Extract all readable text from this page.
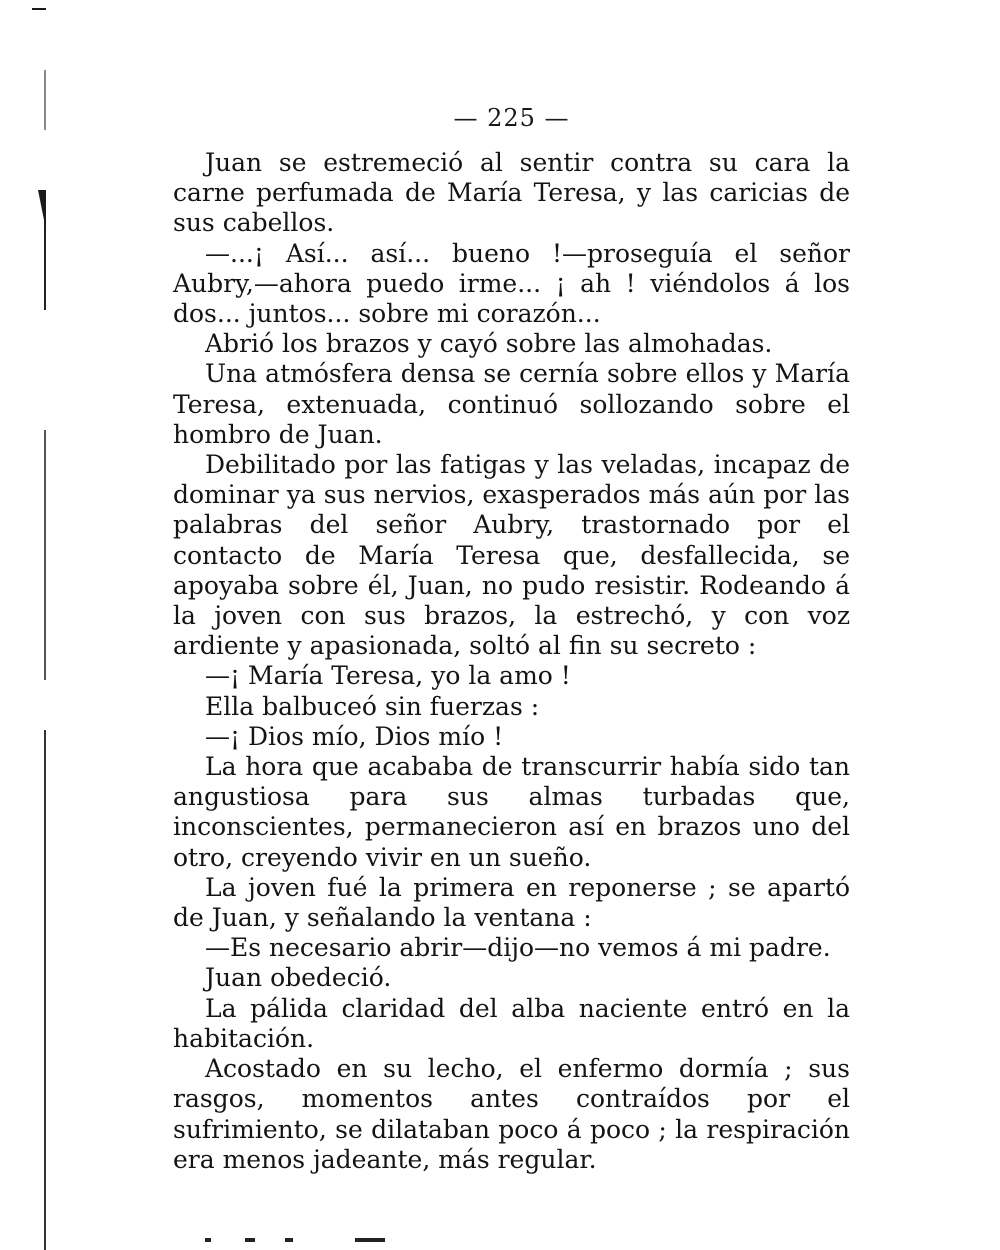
— 225 —

Juan se estremeció al sentir contra su cara la carne perfumada de María Teresa, y las caricias de sus cabellos.

—...¡ Así... así... bueno !—proseguía el señor Aubry,—ahora puedo irme... ¡ ah ! viéndolos á los dos... juntos... sobre mi corazón...

Abrió los brazos y cayó sobre las almohadas.

Una atmósfera densa se cernía sobre ellos y María Teresa, extenuada, continuó sollozando sobre el hombro de Juan.

Debilitado por las fatigas y las veladas, incapaz de dominar ya sus nervios, exasperados más aún por las palabras del señor Aubry, trastornado por el contacto de María Teresa que, desfallecida, se apoyaba sobre él, Juan, no pudo resistir. Rodeando á la joven con sus brazos, la estrechó, y con voz ardiente y apasionada, soltó al fin su secreto :

—¡ María Teresa, yo la amo !

Ella balbuceó sin fuerzas :

—¡ Dios mío, Dios mío !

La hora que acababa de transcurrir había sido tan angustiosa para sus almas turbadas que, inconscientes, permanecieron así en brazos uno del otro, creyendo vivir en un sueño.

La joven fué la primera en reponerse ; se apartó de Juan, y señalando la ventana :

—Es necesario abrir—dijo—no vemos á mi padre.

Juan obedeció.

La pálida claridad del alba naciente entró en la habitación.

Acostado en su lecho, el enfermo dormía ; sus rasgos, momentos antes contraídos por el sufrimiento, se dilataban poco á poco ; la respiración era menos jadeante, más regular.
